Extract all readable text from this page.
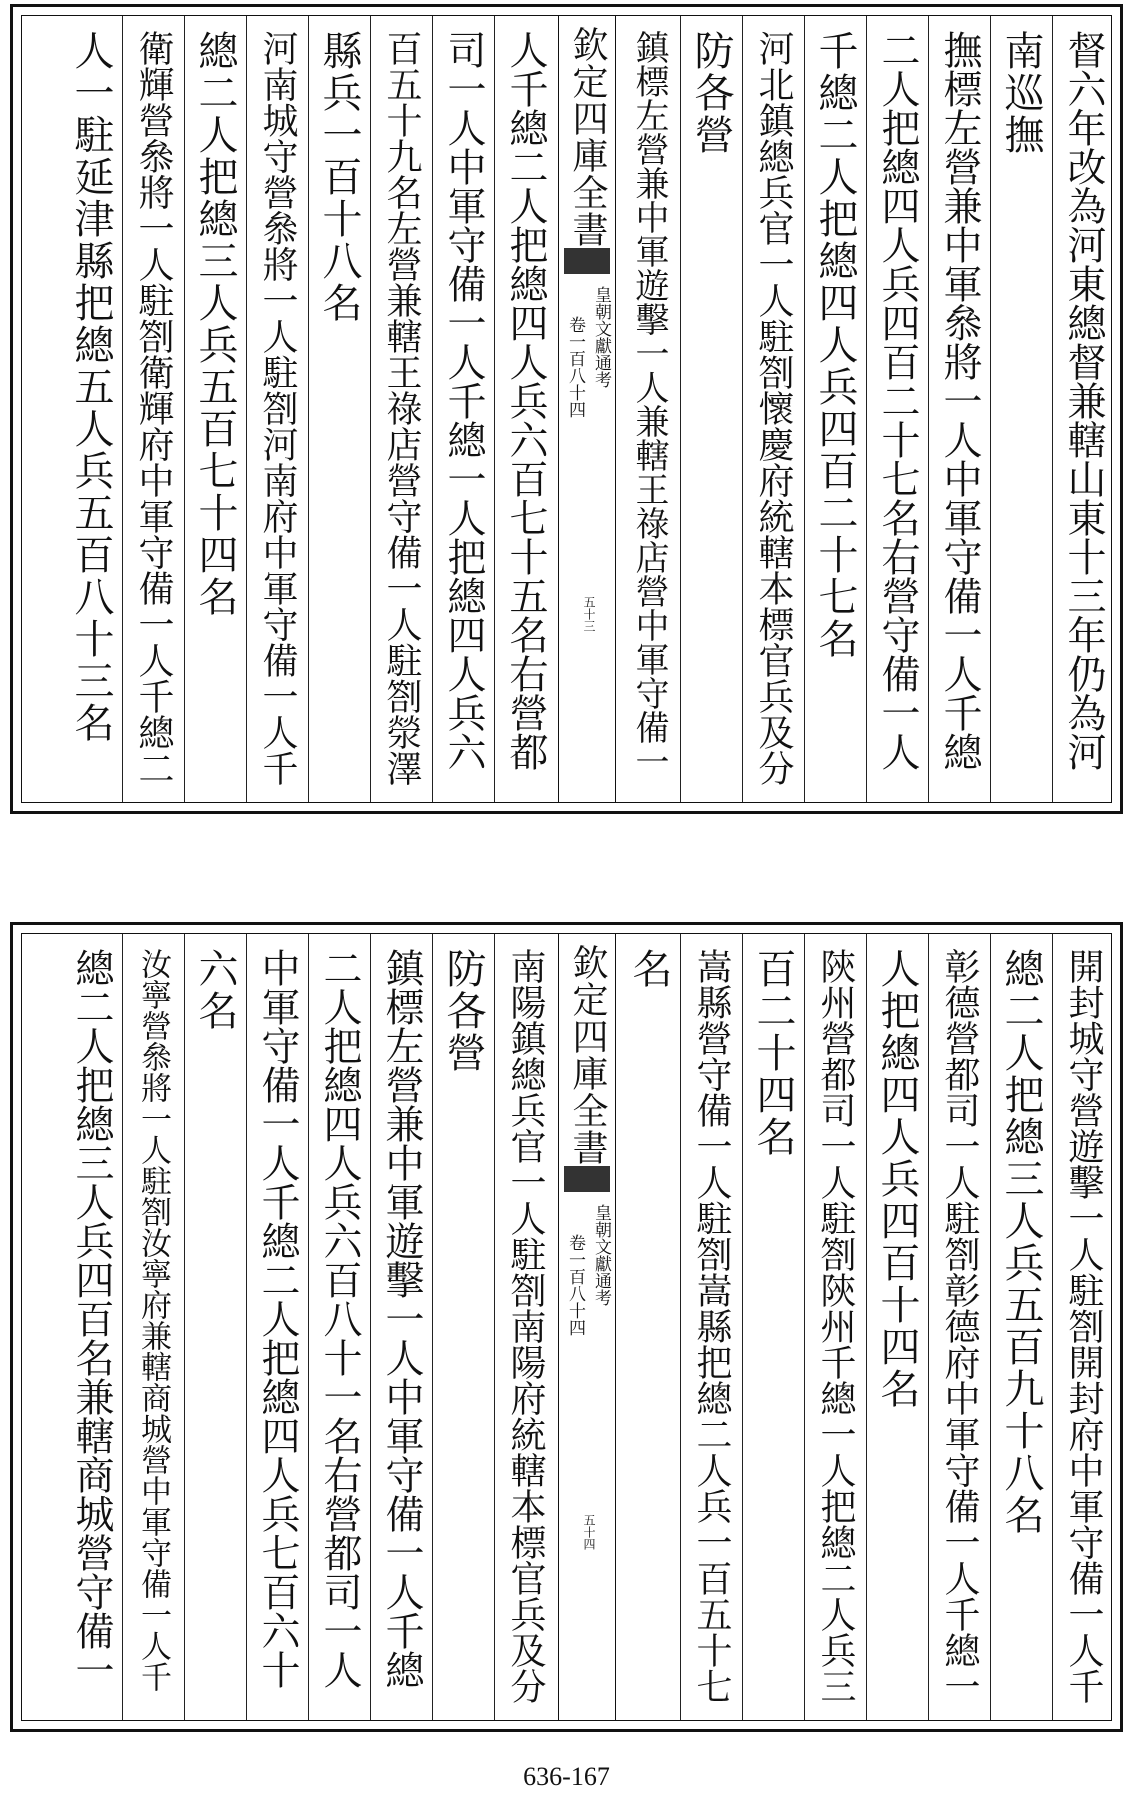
督六年改為河東總督兼轄山東十三年仍為河
南巡撫
撫標左營兼中軍叅將一人中軍守備一人千總
二人把總四人兵四百二十七名右營守備一人
千總二人把總四人兵四百二十七名
河北鎮總兵官一人駐劄懷慶府統轄本標官兵及分
防各營
鎮標左營兼中軍遊擊一人兼轄王祿店營中軍守備一
欽定四庫全書
皇朝文獻通考
卷一百八十四
五十三
人千總二人把總四人兵六百七十五名右營都
司一人中軍守備一人千總一人把總四人兵六
百五十九名左營兼轄王祿店營守備一人駐劄滎澤
縣兵一百十八名
河南城守營叅將一人駐劄河南府中軍守備一人千
總二人把總三人兵五百七十四名
衛輝營叅將一人駐劄衛輝府中軍守備一人千總二
人一駐延津縣把總五人兵五百八十三名
開封城守營遊擊一人駐劄開封府中軍守備一人千
總二人把總三人兵五百九十八名
彰德營都司一人駐劄彰德府中軍守備一人千總一
人把總四人兵四百十四名
陝州營都司一人駐劄陝州千總一人把總二人兵三
百二十四名
嵩縣營守備一人駐劄嵩縣把總二人兵一百五十七
名
欽定四庫全書
皇朝文獻通考
卷一百八十四
五十四
南陽鎮總兵官一人駐劄南陽府統轄本標官兵及分
防各營
鎮標左營兼中軍遊擊一人中軍守備一人千總
二人把總四人兵六百八十一名右營都司一人
中軍守備一人千總二人把總四人兵七百六十
六名
汝寧營叅將一人駐劄汝寧府兼轄商城營中軍守備一人千
總二人把總三人兵四百名兼轄商城營守備一
636-167
